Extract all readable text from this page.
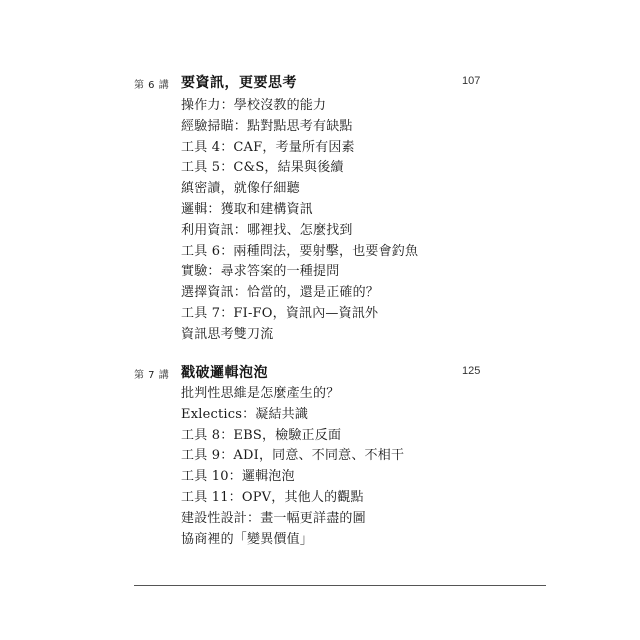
第 6 講 要資訊，更要思考	107
操作力：學校沒教的能力
經驗掃瞄：點對點思考有缺點
工具 4：CAF，考量所有因素
工具 5：C&S，結果與後續
縝密讀，就像仔細聽
邏輯：獲取和建構資訊
利用資訊：哪裡找、怎麼找到
工具 6：兩種問法，要射擊，也要會釣魚
實驗：尋求答案的一種提問
選擇資訊：恰當的，還是正確的？
工具 7：FI-FO，資訊內—資訊外
資訊思考雙刀流
第 7 講 戳破邏輯泡泡	125
批判性思維是怎麼產生的？
Exlectics：凝結共識
工具 8：EBS，檢驗正反面
工具 9：ADI，同意、不同意、不相干
工具 10：邏輯泡泡
工具 11：OPV，其他人的觀點
建設性設計：畫一幅更詳盡的圖
協商裡的「變異價值」
